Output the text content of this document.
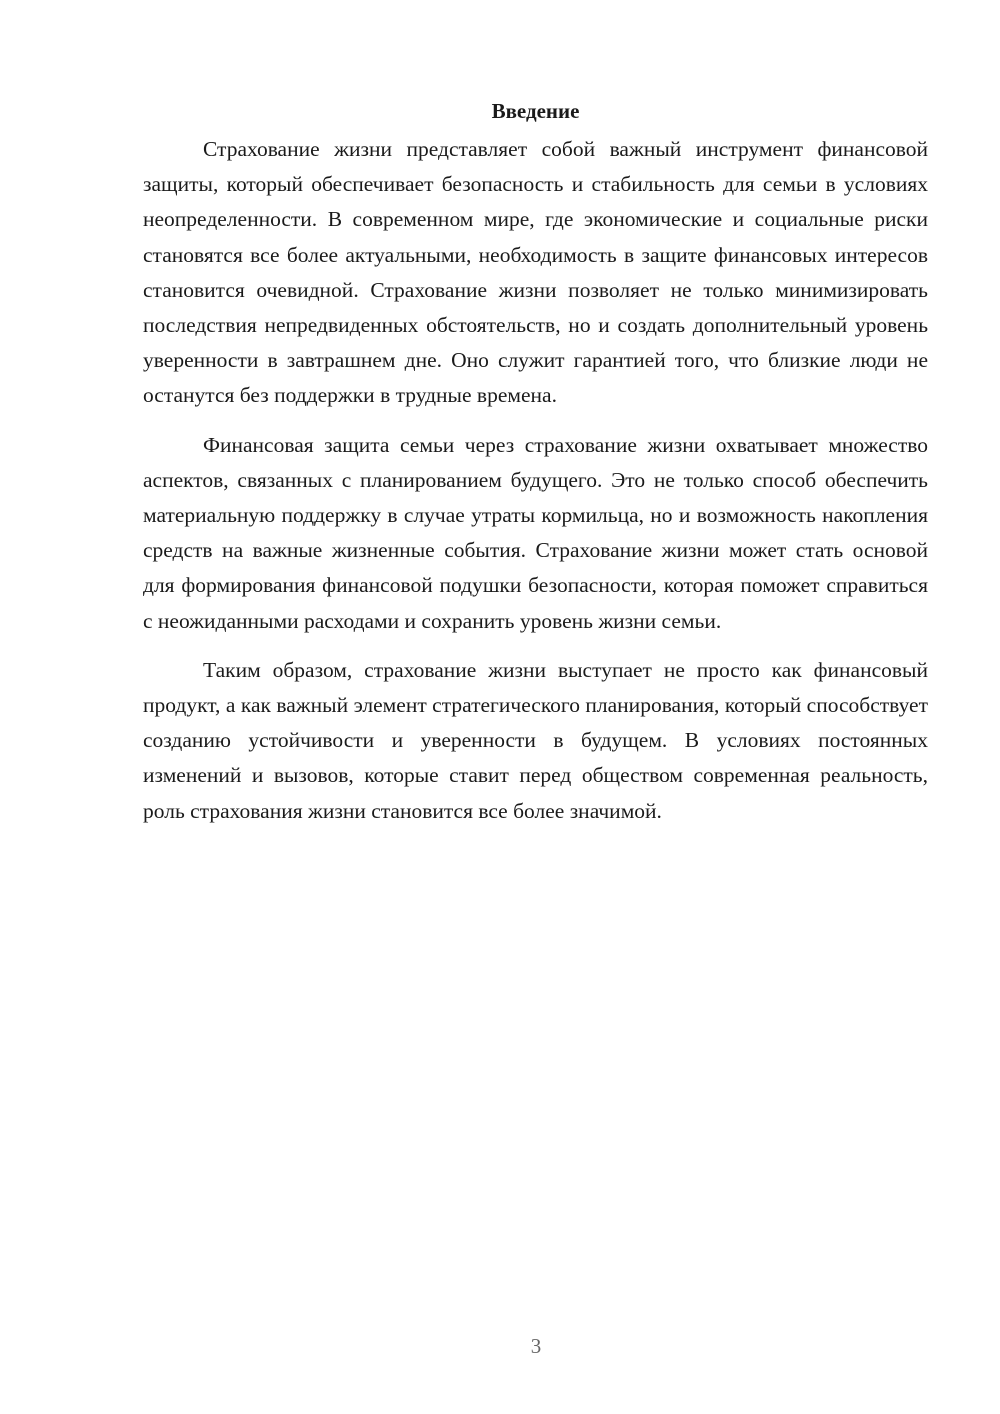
Введение

Страхование жизни представляет собой важный инструмент финансовой защиты, который обеспечивает безопасность и стабильность для семьи в условиях неопределенности. В современном мире, где экономические и социальные риски становятся все более актуальными, необходимость в защите финансовых интересов становится очевидной. Страхование жизни позволяет не только минимизировать последствия непредвиденных обстоятельств, но и создать дополнительный уровень уверенности в завтрашнем дне. Оно служит гарантией того, что близкие люди не останутся без поддержки в трудные времена.

Финансовая защита семьи через страхование жизни охватывает множество аспектов, связанных с планированием будущего. Это не только способ обеспечить материальную поддержку в случае утраты кормильца, но и возможность накопления средств на важные жизненные события. Страхование жизни может стать основой для формирования финансовой подушки безопасности, которая поможет справиться с неожиданными расходами и сохранить уровень жизни семьи.

Таким образом, страхование жизни выступает не просто как финансовый продукт, а как важный элемент стратегического планирования, который способствует созданию устойчивости и уверенности в будущем. В условиях постоянных изменений и вызовов, которые ставит перед обществом современная реальность, роль страхования жизни становится все более значимой.

3
